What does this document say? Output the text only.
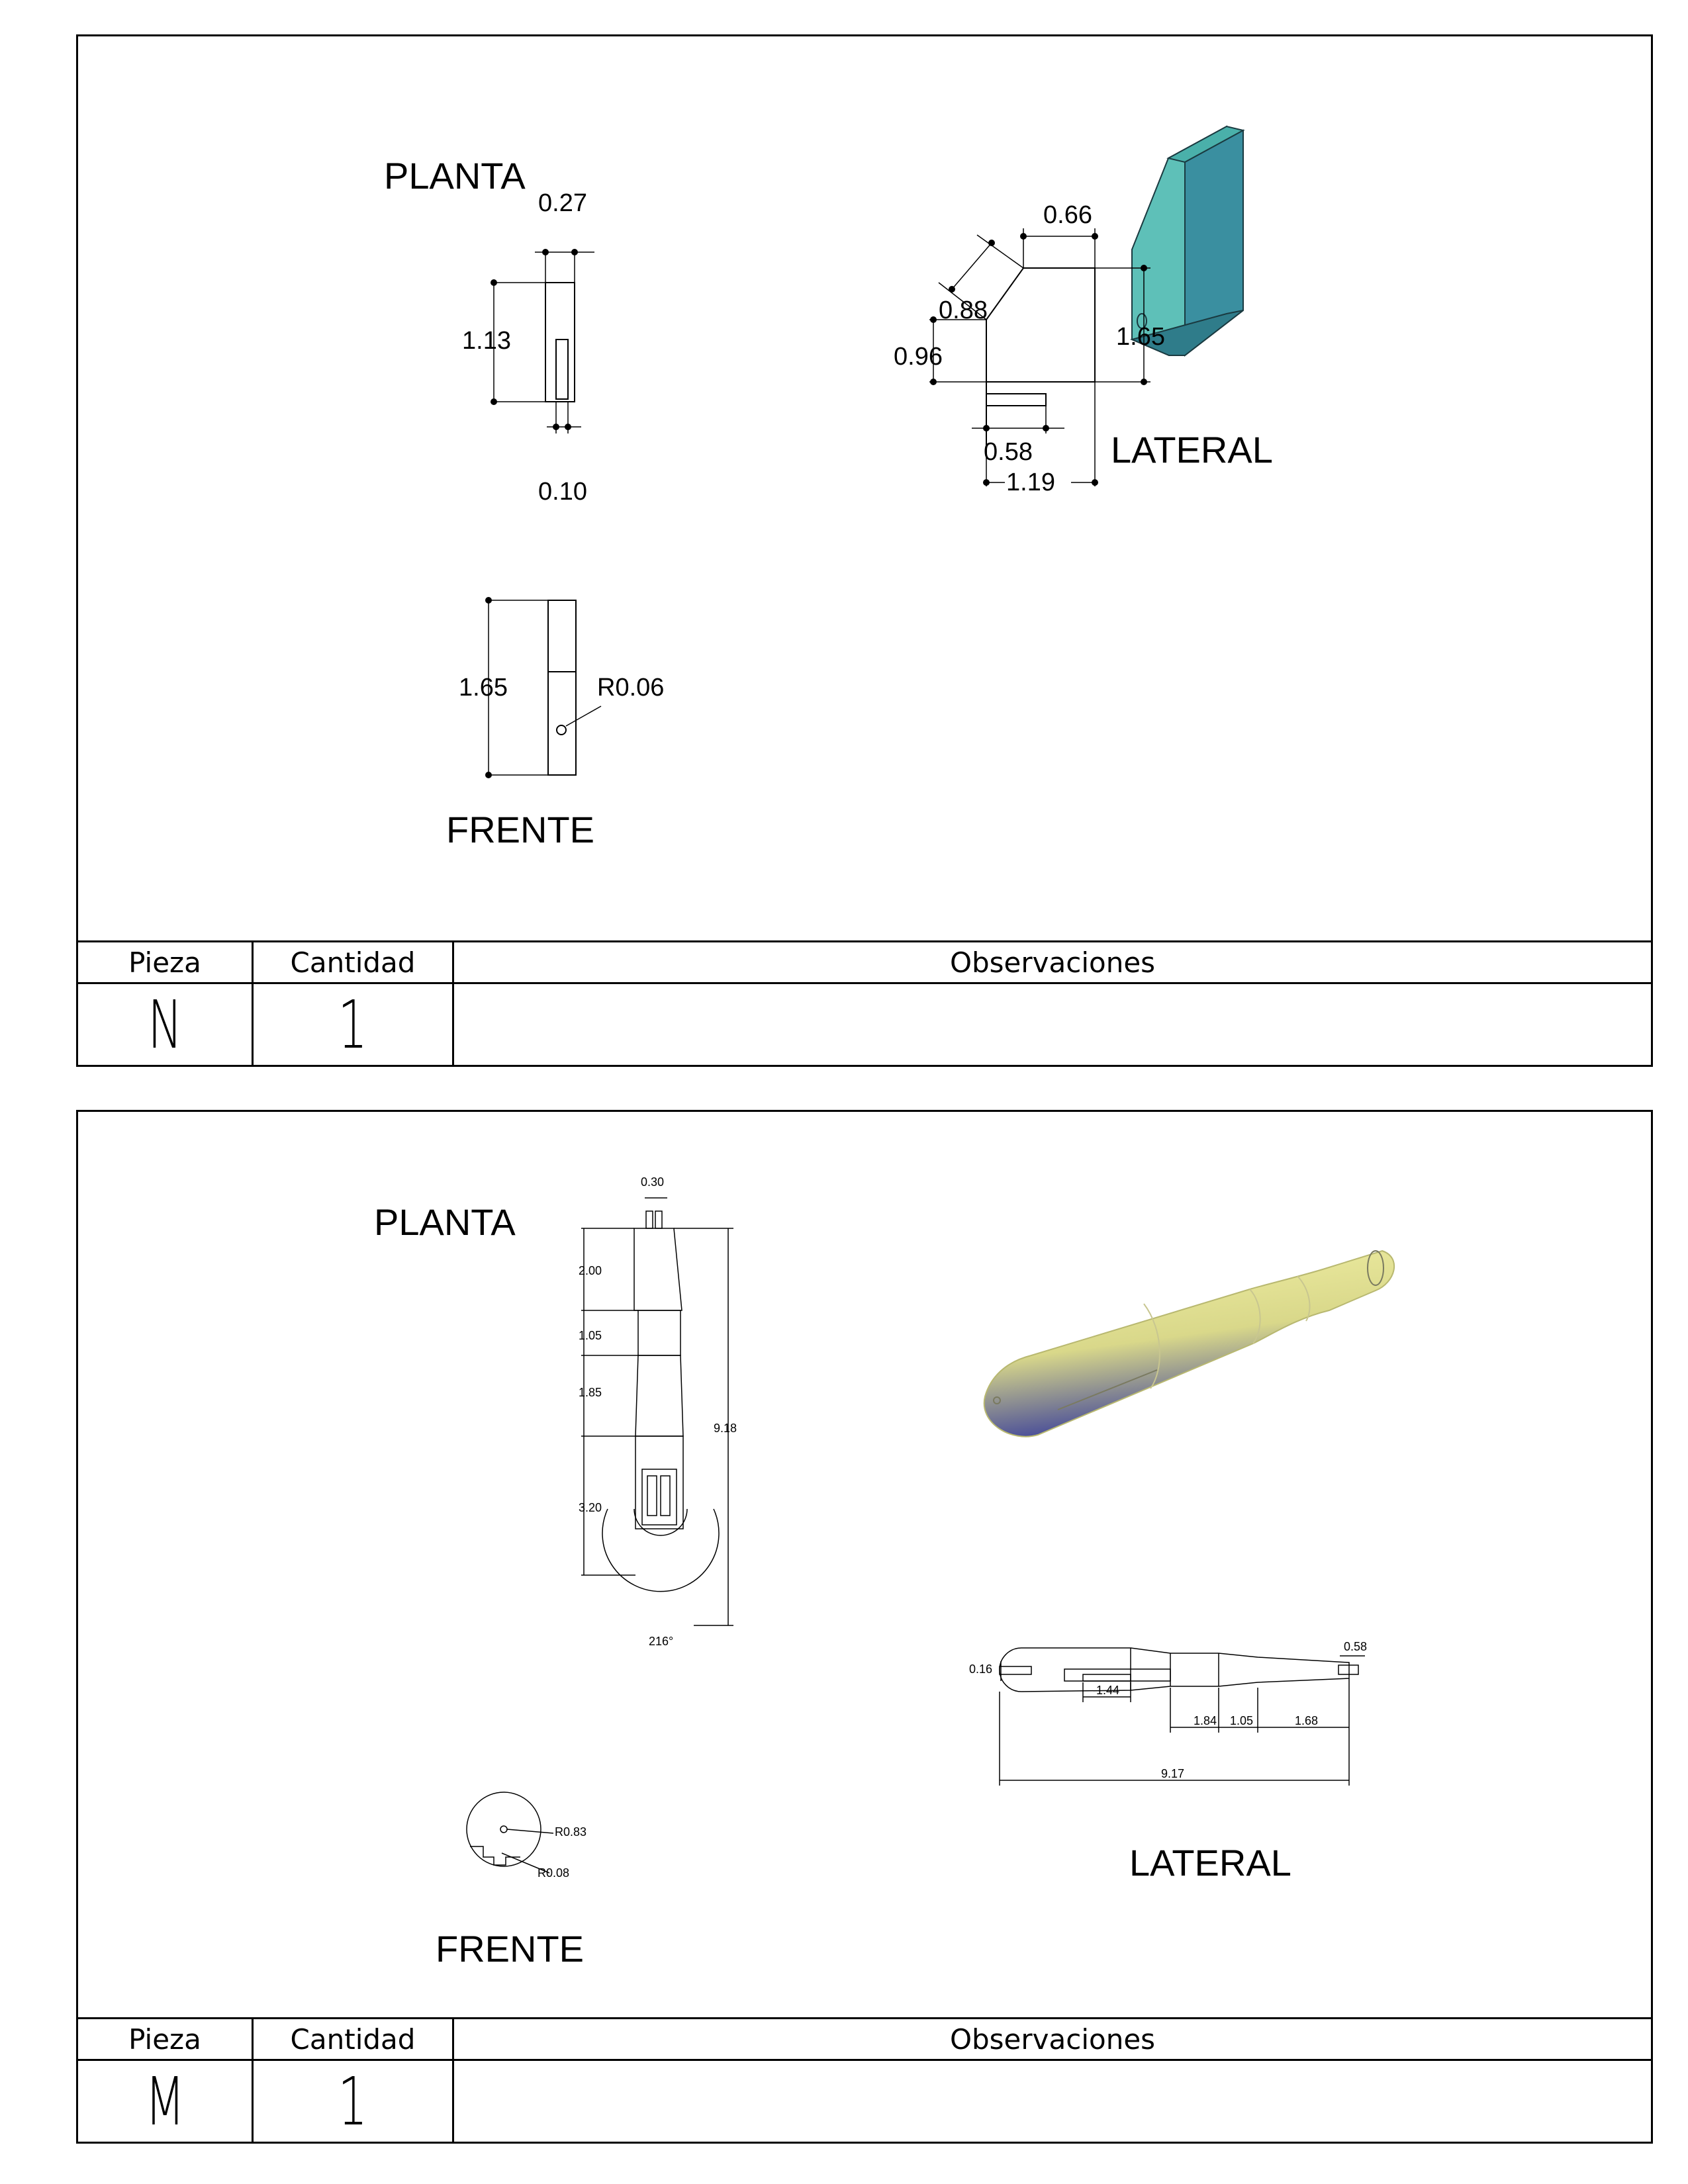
PLANTA
0.27
1.13
0.10
1.65	R0.06
FRENTE
0.66
0.88
1.65
0.96
0.58
1.19
LATERAL
Pieza	Cantidad	Observaciones
N	1	
PLANTA
0.30
2.00
1.05
1.85
3.20
9.18
216°
R0.83
R0.08
FRENTE
0.16
0.58
1.44
1.84 1.05	1.68
9.17
LATERAL
Pieza	Cantidad	Observaciones
M	1	
